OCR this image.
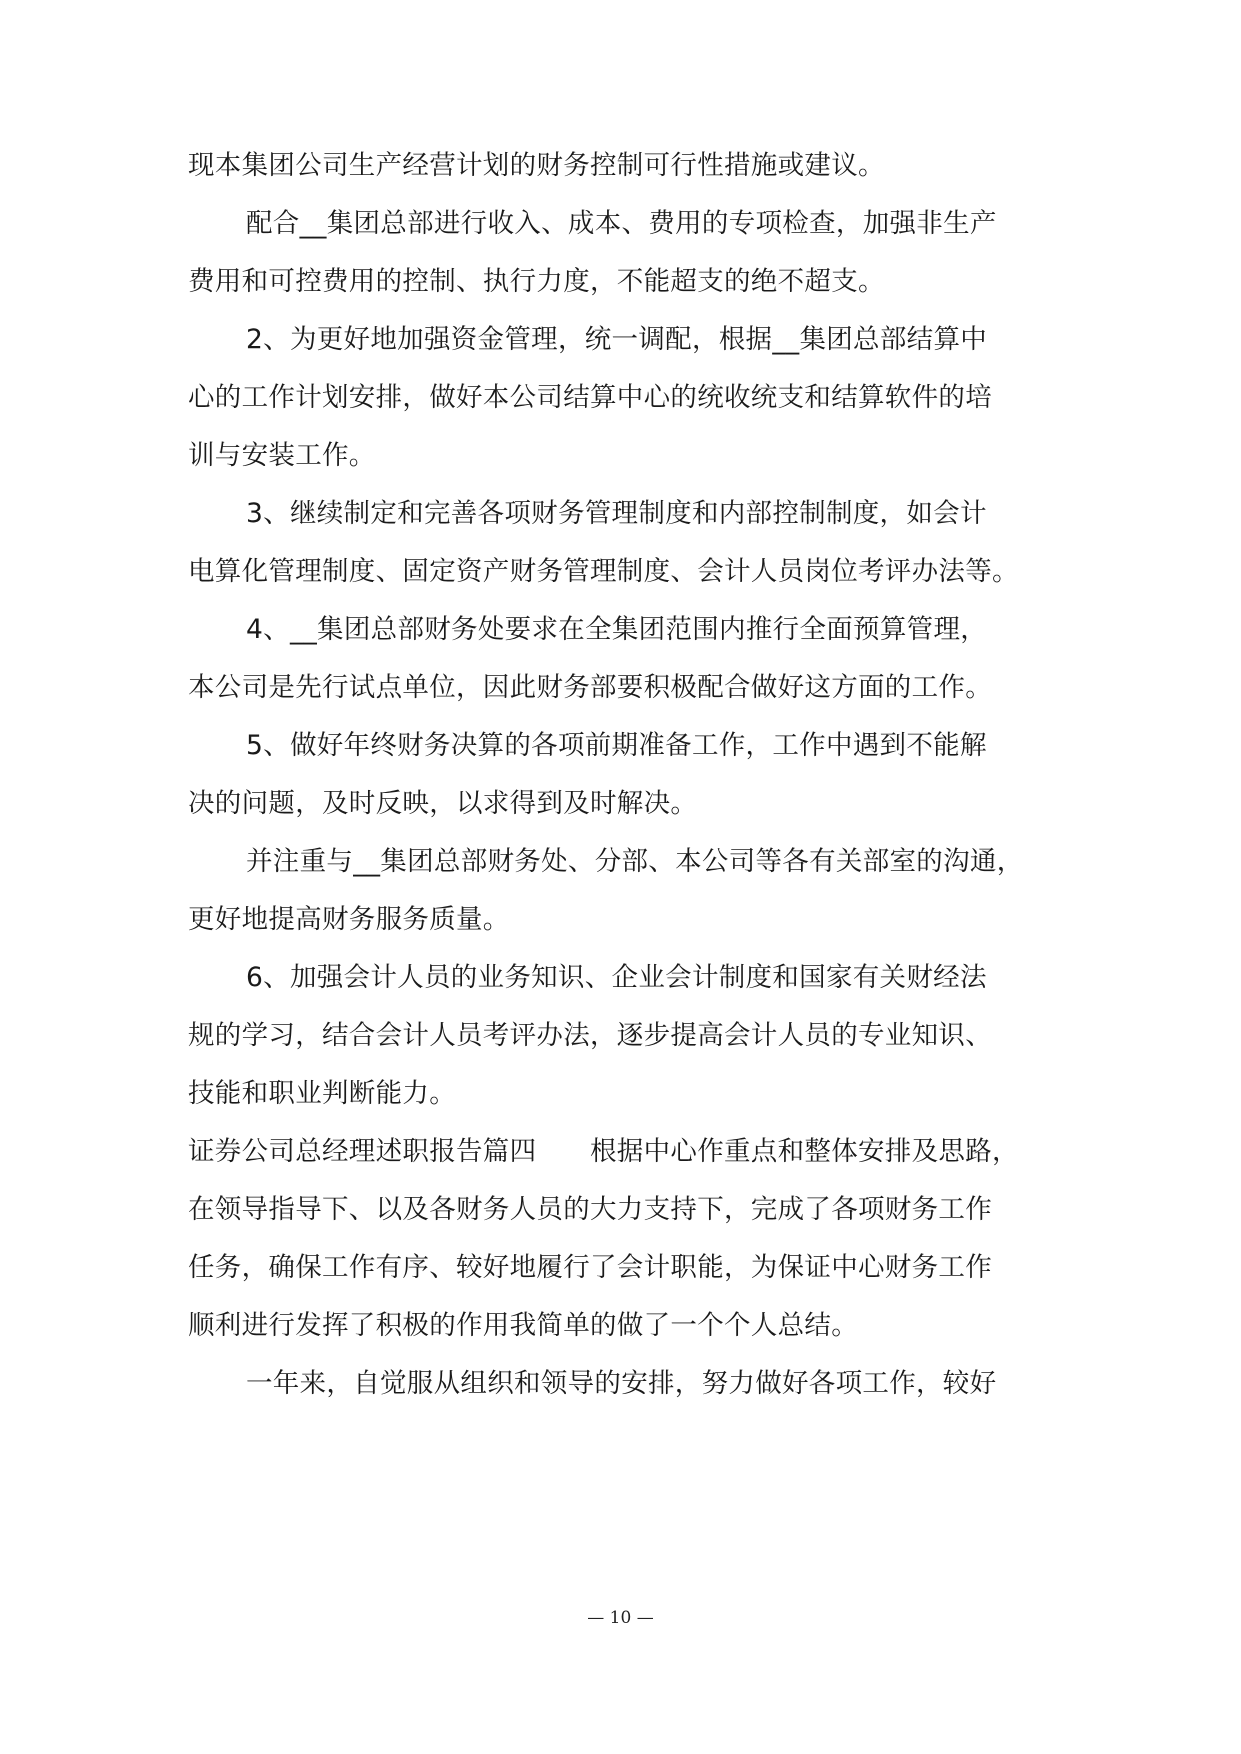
现本集团公司生产经营计划的财务控制可行性措施或建议。
配合__集团总部进行收入、成本、费用的专项检查，加强非生产
费用和可控费用的控制、执行力度，不能超支的绝不超支。
2、为更好地加强资金管理，统一调配，根据__集团总部结算中
心的工作计划安排，做好本公司结算中心的统收统支和结算软件的培
训与安装工作。
3、继续制定和完善各项财务管理制度和内部控制制度，如会计
电算化管理制度、固定资产财务管理制度、会计人员岗位考评办法等。
4、__集团总部财务处要求在全集团范围内推行全面预算管理，
本公司是先行试点单位，因此财务部要积极配合做好这方面的工作。
5、做好年终财务决算的各项前期准备工作，工作中遇到不能解
决的问题，及时反映，以求得到及时解决。
并注重与__集团总部财务处、分部、本公司等各有关部室的沟通，
更好地提高财务服务质量。
6、加强会计人员的业务知识、企业会计制度和国家有关财经法
规的学习，结合会计人员考评办法，逐步提高会计人员的专业知识、
技能和职业判断能力。
证券公司总经理述职报告篇四　　根据中心作重点和整体安排及思路，
在领导指导下、以及各财务人员的大力支持下，完成了各项财务工作
任务，确保工作有序、较好地履行了会计职能，为保证中心财务工作
顺利进行发挥了积极的作用我简单的做了一个个人总结。
一年来，自觉服从组织和领导的安排，努力做好各项工作，较好
— 10 —
